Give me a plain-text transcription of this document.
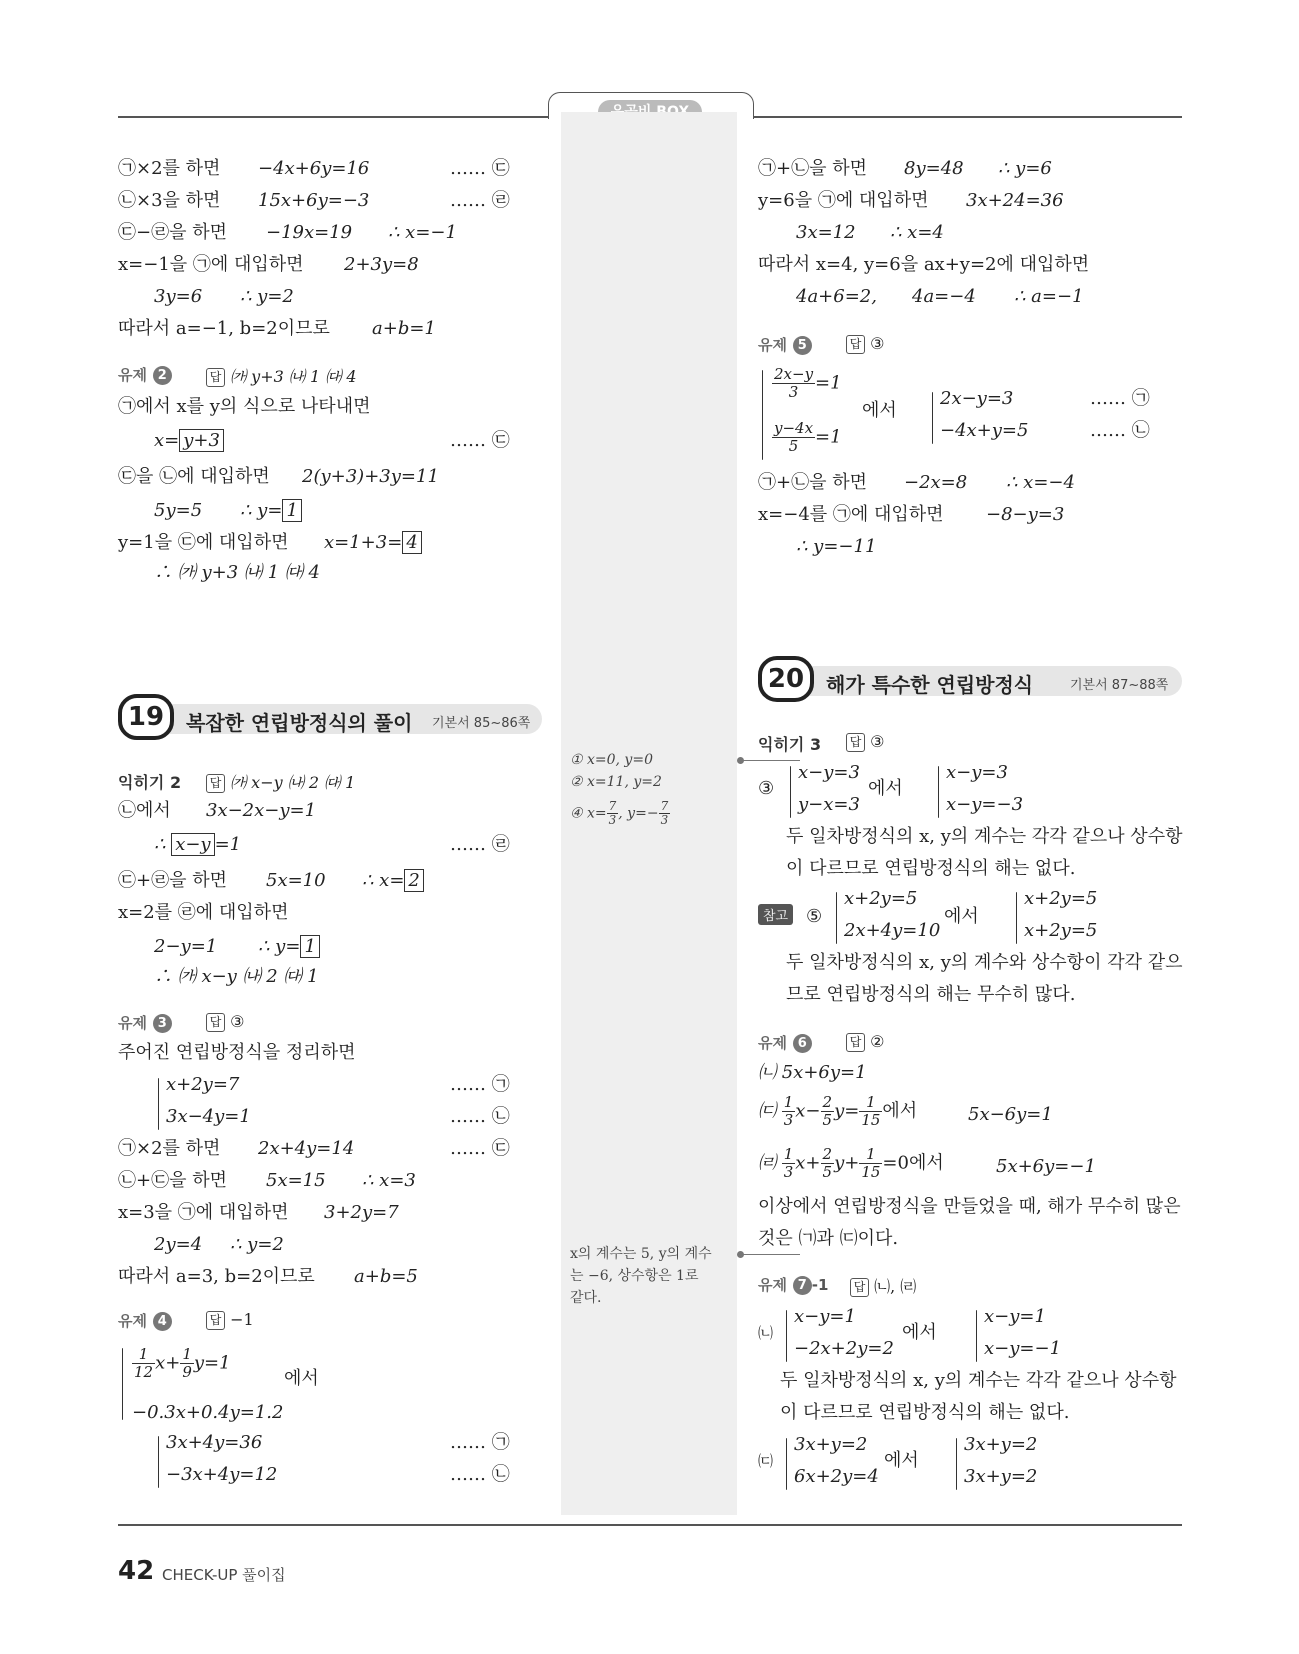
㉠×2를 하면 −4x+6y=16	…… ㉢
㉡×3을 하면 15x+6y=−3	…… ㉣
㉢−㉣을 하면 −19x=19 ∴ x=−1
x=−1을 ㉠에 대입하면 2+3y=8
3y=6 ∴ y=2
따라서 a=−1, b=2이므로 a+b=1
유제 2	답 ㈎ y+3 ㈏ 1 ㈐ 4
㉠에서 x를 y의 식으로 나타내면
x= y+3	…… ㉢
㉢을 ㉡에 대입하면 2(y+3)+3y=11
5y=5 ∴ y= 1
y=1을 ㉢에 대입하면 x=1+3= 4
∴ ㈎ y+3 ㈏ 1 ㈐ 4
19	복잡한 연립방정식의 풀이 기본서 85~86쪽
익히기 2	답 ㈎ x−y ㈏ 2 ㈐ 1
㉡에서 3x−2x−y=1
∴ x−y =1	…… ㉣
㉢+㉣을 하면 5x=10 ∴ x= 2
x=2를 ㉣에 대입하면
2−y=1 ∴ y= 1
∴ ㈎ x−y ㈏ 2 ㈐ 1
유제 3	답 ③
주어진 연립방정식을 정리하면
x+2y=7	…… ㉠
3x−4y=1	…… ㉡
㉠×2를 하면 2x+4y=14	…… ㉢
㉡+㉢을 하면 5x=15 ∴ x=3
x=3을 ㉠에 대입하면 3+2y=7
2y=4 ∴ y=2
따라서 a=3, b=2이므로 a+b=5
유제 4	답 −1
$\frac{1}{12} x+ \frac{1}{9} y=1$
에서
−0.3x+0.4y=1.2
3x+4y=36	…… ㉠
−3x+4y=12	…… ㉡
① x=0, y=0
② x=11, y=2
④ $x= \frac{7}{3}$ , $y=- \frac{7}{3}$
x의 계수는 5, y의 계수
는 −6, 상수항은 1로
같다.
㉠+㉡을 하면 8y=48 ∴ y=6
y=6을 ㉠에 대입하면 3x+24=36
3x=12 ∴ x=4
따라서 x=4, y=6을 ax+y=2에 대입하면
4a+6=2, 4a=−4 ∴ a=−1
유제 5	답 ③
$\frac{2x-y}{3} =1$
에서
$\frac{y-4x}{5} =1$
2x−y=3	…… ㉠
−4x+y=5	…… ㉡
㉠+㉡을 하면 −2x=8 ∴ x=−4
x=−4를 ㉠에 대입하면 −8−y=3
∴ y=−11
20	해가 특수한 연립방정식	기본서 87~88쪽
익히기 3	답 ③
③
x−y=3
y−x=3
에서
x−y=3
x−y=−3
두 일차방정식의 x, y의 계수는 각각 같으나 상수항
이 다르므로 연립방정식의 해는 없다.
참고 ⑤
x+2y=5
2x+4y=10
에서
x+2y=5
x+2y=5
두 일차방정식의 x, y의 계수와 상수항이 각각 같으
므로 연립방정식의 해는 무수히 많다.
유제 6	답 ②
㈁ 5x+6y=1
㈂ $\frac{1}{3} x- \frac{2}{5} y= \frac{1}{15}$ 에서	5x−6y=1
㈃ $\frac{1}{3} x+ \frac{2}{5} y+ \frac{1}{15} =0$에서	5x+6y=−1
이상에서 연립방정식을 만들었을 때, 해가 무수히 많은
것은 ㈀과 ㈂이다.
유제 7 -1	답 ㈁, ㈃
㈁
x−y=1
−2x+2y=2
에서
x−y=1
x−y=−1
두 일차방정식의 x, y의 계수는 각각 같으나 상수항
이 다르므로 연립방정식의 해는 없다.
㈂
3x+y=2
6x+2y=4
에서
3x+y=2
3x+y=2
42 CHECK-UP 풀이집
